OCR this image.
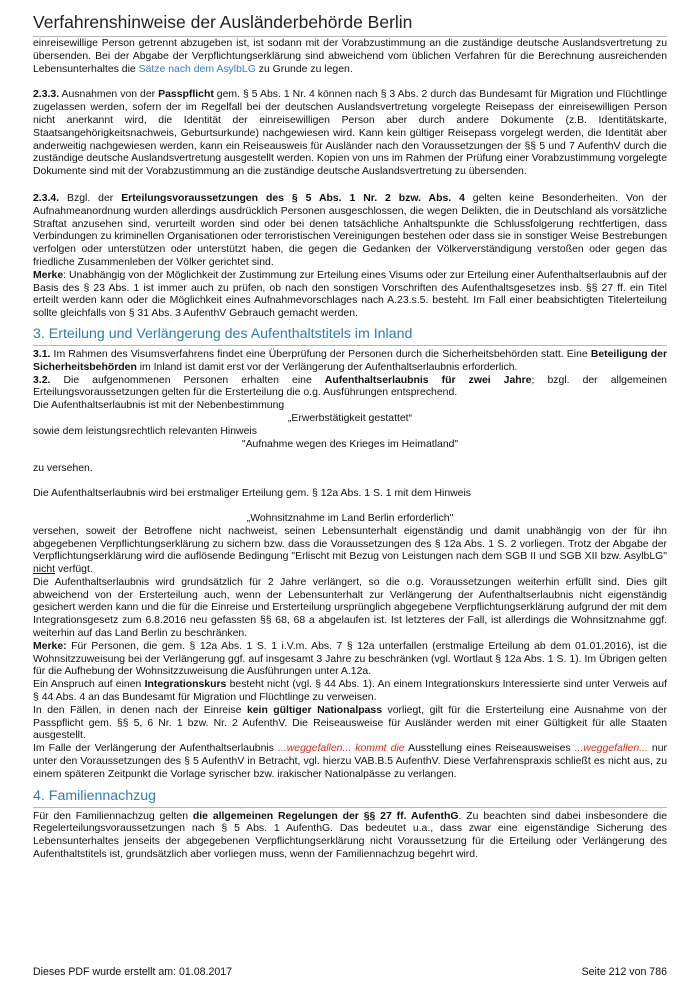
Verfahrenshinweise der Ausländerbehörde Berlin

einreisewillige Person getrennt abzugeben ist, ist sodann mit der Vorabzustimmung an die zuständige deutsche Auslandsvertretung zu übersenden. Bei der Abgabe der Verpflichtungserklärung sind abweichend vom üblichen Verfahren für die Berechnung ausreichenden Lebensunterhaltes die Sätze nach dem AsylbLG zu Grunde zu legen.

2.3.3. Ausnahmen von der Passpflicht gem. § 5 Abs. 1 Nr. 4 können nach § 3 Abs. 2 durch das Bundesamt für Migration und Flüchtlinge zugelassen werden, sofern der im Regelfall bei der deutschen Auslandsvertretung vorgelegte Reisepass der einreisewilligen Person nicht anerkannt wird, die Identität der einreisewilligen Person aber durch andere Dokumente (z.B. Identitätskarte, Staatsangehörigkeitsnachweis, Geburtsurkunde) nachgewiesen wird. Kann kein gültiger Reisepass vorgelegt werden, die Identität aber anderweitig nachgewiesen werden, kann ein Reiseausweis für Ausländer nach den Voraussetzungen der §§ 5 und 7 AufenthV durch die zuständige deutsche Auslandsvertretung ausgestellt werden. Kopien von uns im Rahmen der Prüfung einer Vorabzustimmung vorgelegte Dokumente sind mit der Vorabzustimmung an die zuständige deutsche Auslandsvertretung zu übersenden.

2.3.4. Bzgl. der Erteilungsvoraussetzungen des § 5 Abs. 1 Nr. 2 bzw. Abs. 4 gelten keine Besonderheiten. Von der Aufnahmeanordnung wurden allerdings ausdrücklich Personen ausgeschlossen, die wegen Delikten, die in Deutschland als vorsätzliche Straftat anzusehen sind, verurteilt worden sind oder bei denen tatsächliche Anhaltspunkte die Schlussfolgerung rechtfertigen, dass Verbindungen zu kriminellen Organisationen oder terroristischen Vereinigungen bestehen oder dass sie in sonstiger Weise Bestrebungen verfolgen oder unterstützen oder unterstützt haben, die gegen die Gedanken der Völkerverständigung verstoßen oder gegen das friedliche Zusammenleben der Völker gerichtet sind.

Merke: Unabhängig von der Möglichkeit der Zustimmung zur Erteilung eines Visums oder zur Erteilung einer Aufenthaltserlaubnis auf der Basis des § 23 Abs. 1 ist immer auch zu prüfen, ob nach den sonstigen Vorschriften des Aufenthaltsgesetzes insb. §§ 27 ff. ein Titel erteilt werden kann oder die Möglichkeit eines Aufnahmevorschlages nach A.23.s.5. besteht. Im Fall einer beabsichtigten Titelerteilung sollte gleichfalls von § 31 Abs. 3 AufenthV Gebrauch gemacht werden.

3. Erteilung und Verlängerung des Aufenthaltstitels im Inland

3.1. Im Rahmen des Visumsverfahrens findet eine Überprüfung der Personen durch die Sicherheitsbehörden statt. Eine Beteiligung der Sicherheitsbehörden im Inland ist damit erst vor der Verlängerung der Aufenthaltserlaubnis erforderlich.

3.2. Die aufgenommenen Personen erhalten eine Aufenthaltserlaubnis für zwei Jahre; bzgl. der allgemeinen Erteilungsvoraussetzungen gelten für die Ersterteilung die o.g. Ausführungen entsprechend.

Die Aufenthaltserlaubnis ist mit der Nebenbestimmung

„Erwerbstätigkeit gestattet“

sowie dem leistungsrechtlich relevanten Hinweis

"Aufnahme wegen des Krieges im Heimatland"

zu versehen.

Die Aufenthaltserlaubnis wird bei erstmaliger Erteilung gem. § 12a Abs. 1 S. 1 mit dem Hinweis

„Wohnsitznahme im Land Berlin erforderlich"

versehen, soweit der Betroffene nicht nachweist, seinen Lebensunterhalt eigenständig und damit unabhängig von der für ihn abgegebenen Verpflichtungserklärung zu sichern bzw. dass die Voraussetzungen des § 12a Abs. 1 S. 2 vorliegen. Trotz der Abgabe der Verpflichtungserklärung wird die auflösende Bedingung "Erlischt mit Bezug von Leistungen nach dem SGB II und SGB XII bzw. AsylbLG" nicht verfügt.

Die Aufenthaltserlaubnis wird grundsätzlich für 2 Jahre verlängert, so die o.g. Voraussetzungen weiterhin erfüllt sind. Dies gilt abweichend von der Ersterteilung auch, wenn der Lebensunterhalt zur Verlängerung der Aufenthaltserlaubnis nicht eigenständig gesichert werden kann und die für die Einreise und Ersterteilung ursprünglich abgegebene Verpflichtungserklärung aufgrund der mit dem Integrationsgesetz zum 6.8.2016 neu gefassten §§ 68, 68 a abgelaufen ist. Ist letzteres der Fall, ist allerdings die Wohnsitznahme ggf. weiterhin auf das Land Berlin zu beschränken.

Merke: Für Personen, die gem. § 12a Abs. 1 S. 1 i.V.m. Abs. 7 § 12a unterfallen (erstmalige Erteilung ab dem 01.01.2016), ist die Wohnsitzzuweisung bei der Verlängerung ggf. auf insgesamt 3 Jahre zu beschränken (vgl. Wortlaut § 12a Abs. 1 S. 1). Im Übrigen gelten für die Aufhebung der Wohnsitzzuweisung die Ausführungen unter A.12a.

Ein Anspruch auf einen Integrationskurs besteht nicht (vgl. § 44 Abs. 1). An einem Integrationskurs Interessierte sind unter Verweis auf § 44 Abs. 4 an das Bundesamt für Migration und Flüchtlinge zu verweisen.

In den Fällen, in denen nach der Einreise kein gültiger Nationalpass vorliegt, gilt für die Ersterteilung eine Ausnahme von der Passpflicht gem. §§ 5, 6 Nr. 1 bzw. Nr. 2 AufenthV. Die Reiseausweise für Ausländer werden mit einer Gültigkeit für alle Staaten ausgestellt.

Im Falle der Verlängerung der Aufenthaltserlaubnis ...weggefallen... kommt die Ausstellung eines Reiseausweises ...weggefallen... nur unter den Voraussetzungen des § 5 AufenthV in Betracht, vgl. hierzu VAB.B.5 AufenthV. Diese Verfahrenspraxis schließt es nicht aus, zu einem späteren Zeitpunkt die Vorlage syrischer bzw. irakischer Nationalpässe zu verlangen.

4. Familiennachzug

Für den Familiennachzug gelten die allgemeinen Regelungen der §§ 27 ff. AufenthG. Zu beachten sind dabei insbesondere die Regelerteilungsvoraussetzungen nach § 5 Abs. 1 AufenthG. Das bedeutet u.a., dass zwar eine eigenständige Sicherung des Lebensunterhaltes jenseits der abgegebenen Verpflichtungserklärung nicht Voraussetzung für die Erteilung oder Verlängerung des Aufenthaltstitels ist, grundsätzlich aber vorliegen muss, wenn der Familiennachzug begehrt wird.

Dieses PDF wurde erstellt am: 01.08.2017	Seite 212 von 786
